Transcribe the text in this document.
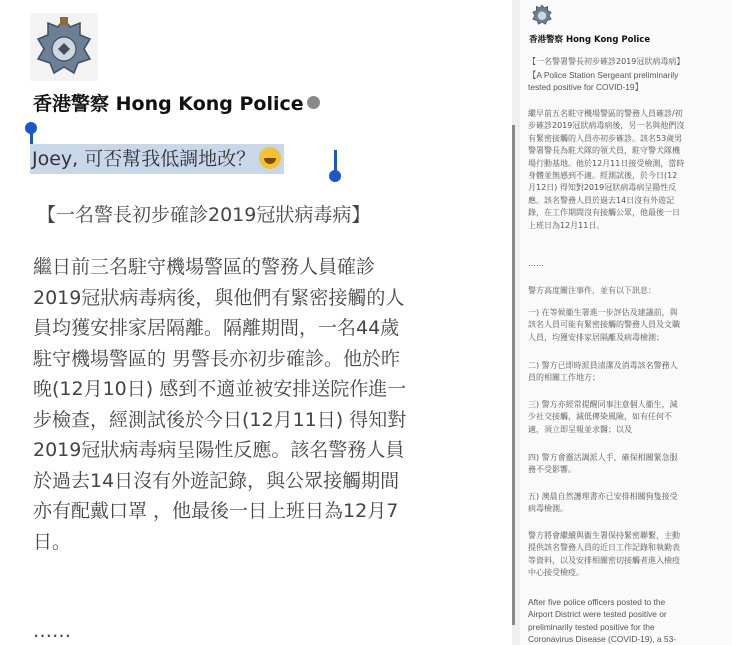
香港警察 Hong Kong Police
Joey, 可否幫我低調地改？
【一名警長初步確診2019冠狀病毒病】
繼日前三名駐守機場警區的警務人員確診
2019冠狀病毒病後，與他們有緊密接觸的人
員均獲安排家居隔離。隔離期間，一名44歲
駐守機場警區的 男警長亦初步確診。他於昨
晚(12月10日) 感到不適並被安排送院作進一
步檢查，經測試後於今日(12月11日) 得知對
2019冠狀病毒病呈陽性反應。該名警務人員
於過去14日沒有外遊記錄，與公眾接觸期間
亦有配戴口罩 ，他最後一日上班日為12月7
日。
……
香港警察 Hong Kong Police
【一名警署警長初步確診2019冠狀病毒病】
【A Police Station Sergeant preliminarily
tested positive for COVID-19】
繼早前五名駐守機場警區的警務人員確診/初
步確診2019冠狀病毒病後，另一名與他們沒
有緊密接觸的人員亦初步確診。該名53歲男
警署警長為駐犬隊的領犬員，駐守警犬隊機
場行動基地。他於12月11日接受檢測，當時
身體並無感到不適。經測試後，於今日(12
月12日) 得知對2019冠狀病毒病呈陽性反
應。該名警務人員於過去14日沒有外遊記
錄，在工作期間沒有接觸公眾，他最後一日
上班日為12月11日。
……
警方高度關注事件，並有以下訊息：
一) 在等候衞生署進一步評估及建議前，與
該名人員可能有緊密接觸的警務人員及文職
人員，均獲安排家居隔離及病毒檢測；
二) 警方已即時派員清潔及消毒該名警務人
員的相關工作地方；
三) 警方亦經常提醒同事注意個人衞生，減
少社交接觸，減低傳染風險，如有任何不
適，須立即呈報並求醫；以及
四) 警方會靈活調派人手，確保相關緊急服
務不受影響。
五) 澳晨自然護理書亦已安排相關狗隻接受
病毒檢測。
警方將會繼續與衞生署保持緊密聯繫，主動
提供該名警務人員的近日工作記錄和執勤表
等資料，以及安排相關密切接觸者進入檢疫
中心接受檢疫。
After five police officers posted to the
Airport District were tested positive or
preliminarily tested positive for the
Coronavirus Disease (COVID-19), a 53-
